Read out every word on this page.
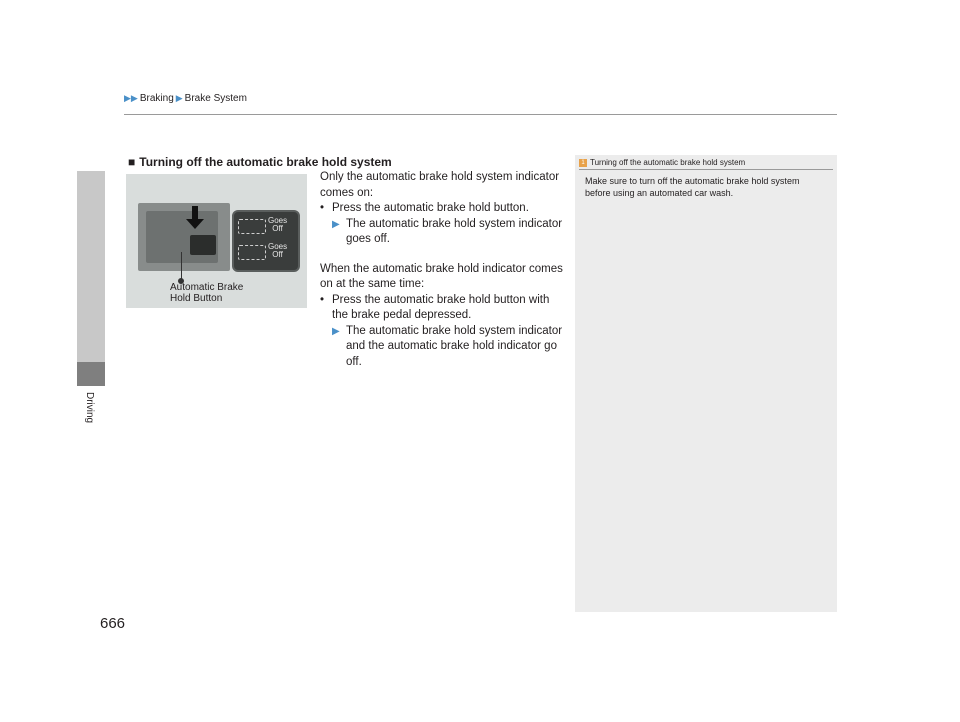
▶▶ Braking ▶ Brake System
Driving
666
■ Turning off the automatic brake hold system
Goes
Off
Goes
Off
Automatic Brake
Hold Button

Only the automatic brake hold system indicator comes on:

• Press the automatic brake hold button.
▶ The automatic brake hold system indicator goes off.

When the automatic brake hold indicator comes on at the same time:

• Press the automatic brake hold button with the brake pedal depressed.
▶ The automatic brake hold system indicator and the automatic brake hold indicator go off.
1 Turning off the automatic brake hold system
Make sure to turn off the automatic brake hold system before using an automated car wash.
